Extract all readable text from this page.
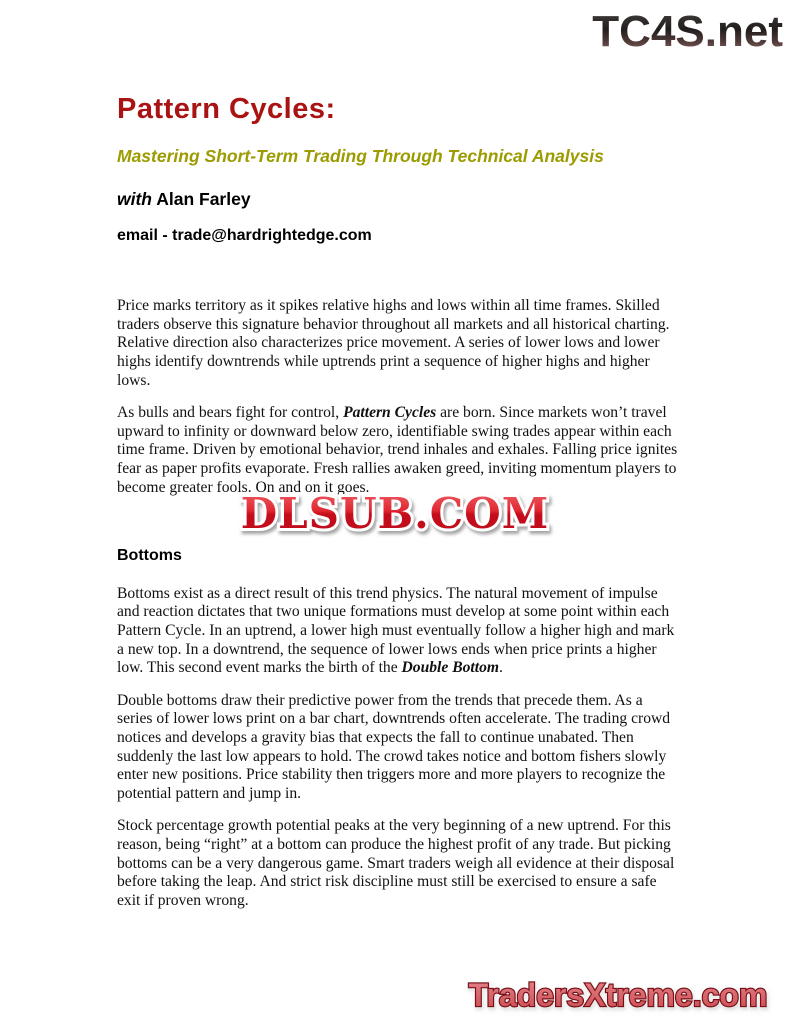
TC4S.net
Pattern Cycles:
Mastering Short-Term Trading Through Technical Analysis

with Alan Farley

email - trade@hardrightedge.com

Price marks territory as it spikes relative highs and lows within all time frames. Skilled traders observe this signature behavior throughout all markets and all historical charting. Relative direction also characterizes price movement. A series of lower lows and lower highs identify downtrends while uptrends print a sequence of higher highs and higher lows.

As bulls and bears fight for control, Pattern Cycles are born. Since markets won’t travel upward to infinity or downward below zero, identifiable swing trades appear within each time frame. Driven by emotional behavior, trend inhales and exhales. Falling price ignites fear as paper profits evaporate. Fresh rallies awaken greed, inviting momentum players to become greater fools. On and on it goes.

Bottoms

Bottoms exist as a direct result of this trend physics. The natural movement of impulse and reaction dictates that two unique formations must develop at some point within each Pattern Cycle. In an uptrend, a lower high must eventually follow a higher high and mark a new top. In a downtrend, the sequence of lower lows ends when price prints a higher low. This second event marks the birth of the Double Bottom.

Double bottoms draw their predictive power from the trends that precede them. As a series of lower lows print on a bar chart, downtrends often accelerate. The trading crowd notices and develops a gravity bias that expects the fall to continue unabated. Then suddenly the last low appears to hold. The crowd takes notice and bottom fishers slowly enter new positions. Price stability then triggers more and more players to recognize the potential pattern and jump in.

Stock percentage growth potential peaks at the very beginning of a new uptrend. For this reason, being “right” at a bottom can produce the highest profit of any trade. But picking bottoms can be a very dangerous game. Smart traders weigh all evidence at their disposal before taking the leap. And strict risk discipline must still be exercised to ensure a safe exit if proven wrong.

DLSUB.COM
TradersXtreme.com
